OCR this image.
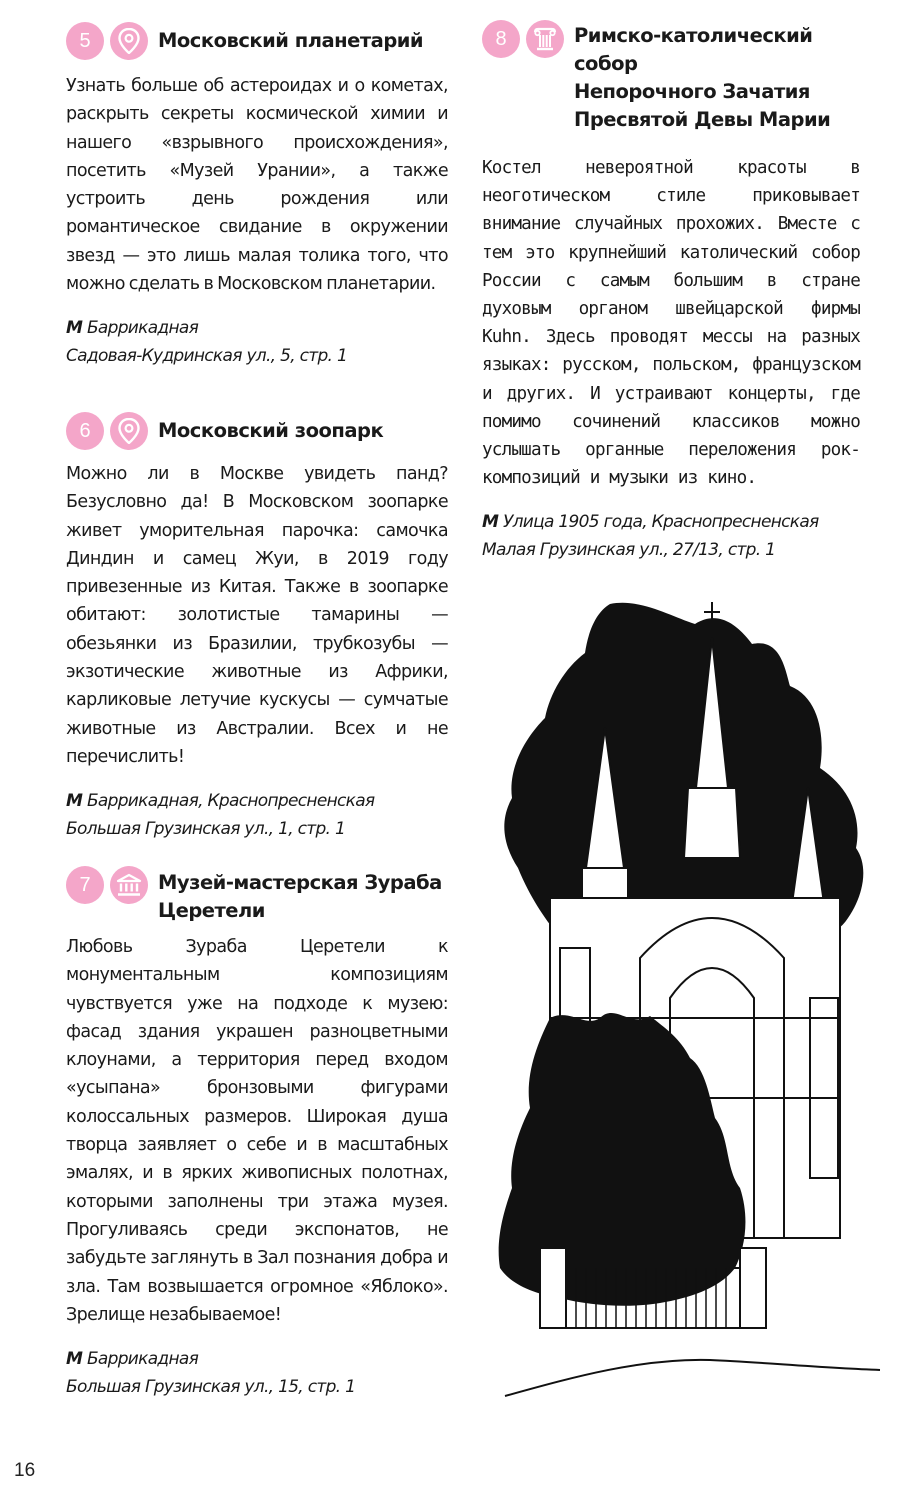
5	Московский планетарий
Узнать больше об астероидах и о кометах, раскрыть секреты космической химии и нашего «взрывного происхождения», посетить «Музей Урании», а также устроить день рождения или романтическое свидание в окружении звезд — это лишь малая толика того, что можно сделать в Московском планетарии.
М Баррикадная
Садовая-Кудринская ул., 5, стр. 1
6	Московский зоопарк
Можно ли в Москве увидеть панд? Безусловно да! В Московском зоопарке живет уморительная парочка: самочка Диндин и самец Жуи, в 2019 году привезенные из Китая. Также в зоопарке обитают: золотистые тамарины — обезьянки из Бразилии, трубкозубы — экзотические животные из Африки, карликовые летучие кускусы — сумчатые животные из Австралии. Всех и не перечислить!
М Баррикадная, Краснопресненская
Большая Грузинская ул., 1, стр. 1
7	Музей-мастерская Зураба
Церетели
Любовь Зураба Церетели к монументальным композициям чувствуется уже на подходе к музею: фасад здания украшен разноцветными клоунами, а территория перед входом «усыпана» бронзовыми фигурами колоссальных размеров. Широкая душа творца заявляет о себе и в масштабных эмалях, и в ярких живописных полотнах, которыми заполнены три этажа музея. Прогуливаясь среди экспонатов, не забудьте заглянуть в Зал познания добра и зла. Там возвышается огромное «Яблоко». Зрелище незабываемое!
М Баррикадная
Большая Грузинская ул., 15, стр. 1
8	Римско-католический собор
Непорочного Зачатия
Пресвятой Девы Марии
Костел невероятной красоты в неоготическом стиле приковывает внимание случайных прохожих. Вместе с тем это крупнейший католический собор России с самым большим в стране духовым органом швейцарской фирмы Kuhn. Здесь проводят мессы на разных языках: русском, польском, французском и других. И устраивают концерты, где помимо сочинений классиков можно услышать органные переложения рок-композиций и музыки из кино.
М Улица 1905 года, Краснопресненская
Малая Грузинская ул., 27/13, стр. 1
16
